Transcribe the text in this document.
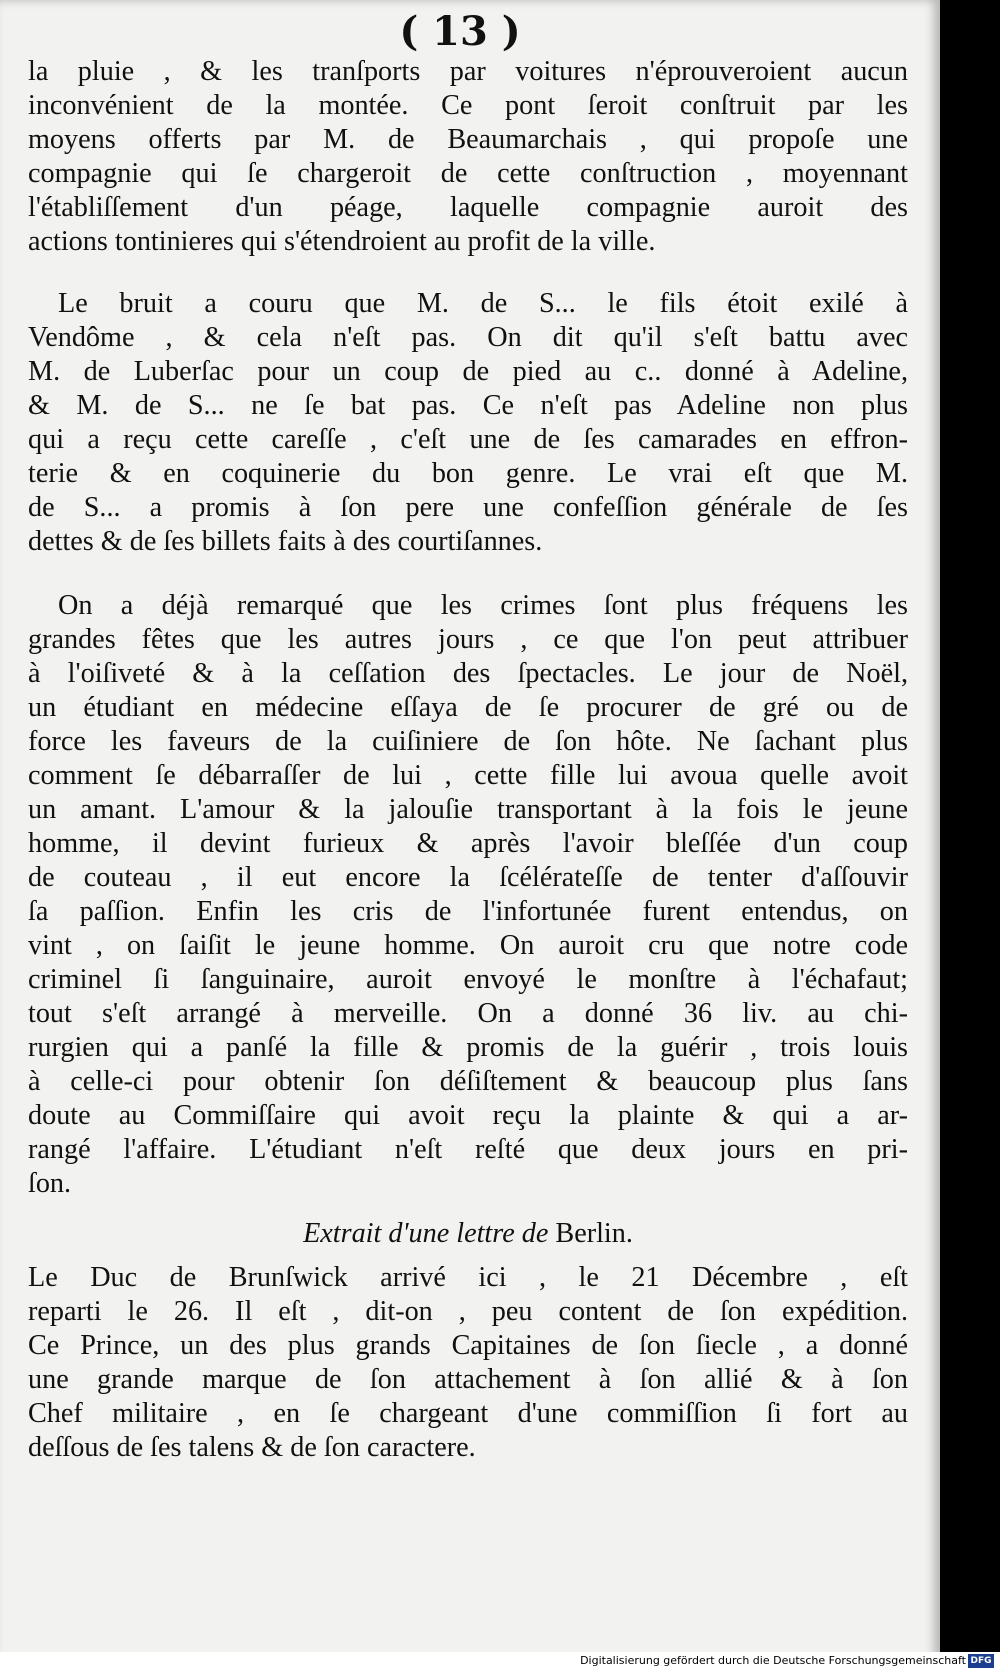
( 13 )

la pluie , & les tranſports par voitures n'éprouveroient aucun
inconvénient de la montée. Ce pont ſeroit conſtruit par les
moyens offerts par M. de Beaumarchais , qui propoſe une
compagnie qui ſe chargeroit de cette conſtruction , moyennant
l'établiſſement d'un péage, laquelle compagnie auroit des
actions tontinieres qui s'étendroient au profit de la ville.

Le bruit a couru que M. de S... le fils étoit exilé à
Vendôme , & cela n'eſt pas. On dit qu'il s'eſt battu avec
M. de Luberſac pour un coup de pied au c.. donné à Adeline,
& M. de S... ne ſe bat pas. Ce n'eſt pas Adeline non plus
qui a reçu cette careſſe , c'eſt une de ſes camarades en effron-
terie & en coquinerie du bon genre. Le vrai eſt que M.
de S... a promis à ſon pere une confeſſion générale de ſes
dettes & de ſes billets faits à des courtiſannes.

On a déjà remarqué que les crimes ſont plus fréquens les
grandes fêtes que les autres jours , ce que l'on peut attribuer
à l'oiſiveté & à la ceſſation des ſpectacles. Le jour de Noël,
un étudiant en médecine eſſaya de ſe procurer de gré ou de
force les faveurs de la cuiſiniere de ſon hôte. Ne ſachant plus
comment ſe débarraſſer de lui , cette fille lui avoua quelle avoit
un amant. L'amour & la jalouſie transportant à la fois le jeune
homme, il devint furieux & après l'avoir bleſſée d'un coup
de couteau , il eut encore la ſcélérateſſe de tenter d'aſſouvir
ſa paſſion. Enfin les cris de l'infortunée furent entendus, on
vint , on ſaiſit le jeune homme. On auroit cru que notre code
criminel ſi ſanguinaire, auroit envoyé le monſtre à l'échafaut;
tout s'eſt arrangé à merveille. On a donné 36 liv. au chi-
rurgien qui a panſé la fille & promis de la guérir , trois louis
à celle-ci pour obtenir ſon déſiſtement & beaucoup plus ſans
doute au Commiſſaire qui avoit reçu la plainte & qui a ar-
rangé l'affaire. L'étudiant n'eſt reſté que deux jours en pri-
ſon.

Extrait d'une lettre de Berlin.

Le Duc de Brunſwick arrivé ici , le 21 Décembre , eſt
reparti le 26. Il eſt , dit-on , peu content de ſon expédition.
Ce Prince, un des plus grands Capitaines de ſon ſiecle , a donné
une grande marque de ſon attachement à ſon allié & à ſon
Chef militaire , en ſe chargeant d'une commiſſion ſi fort au
deſſous de ſes talens & de ſon caractere.

Digitalisierung gefördert durch die Deutsche Forschungsgemeinschaft DFG
